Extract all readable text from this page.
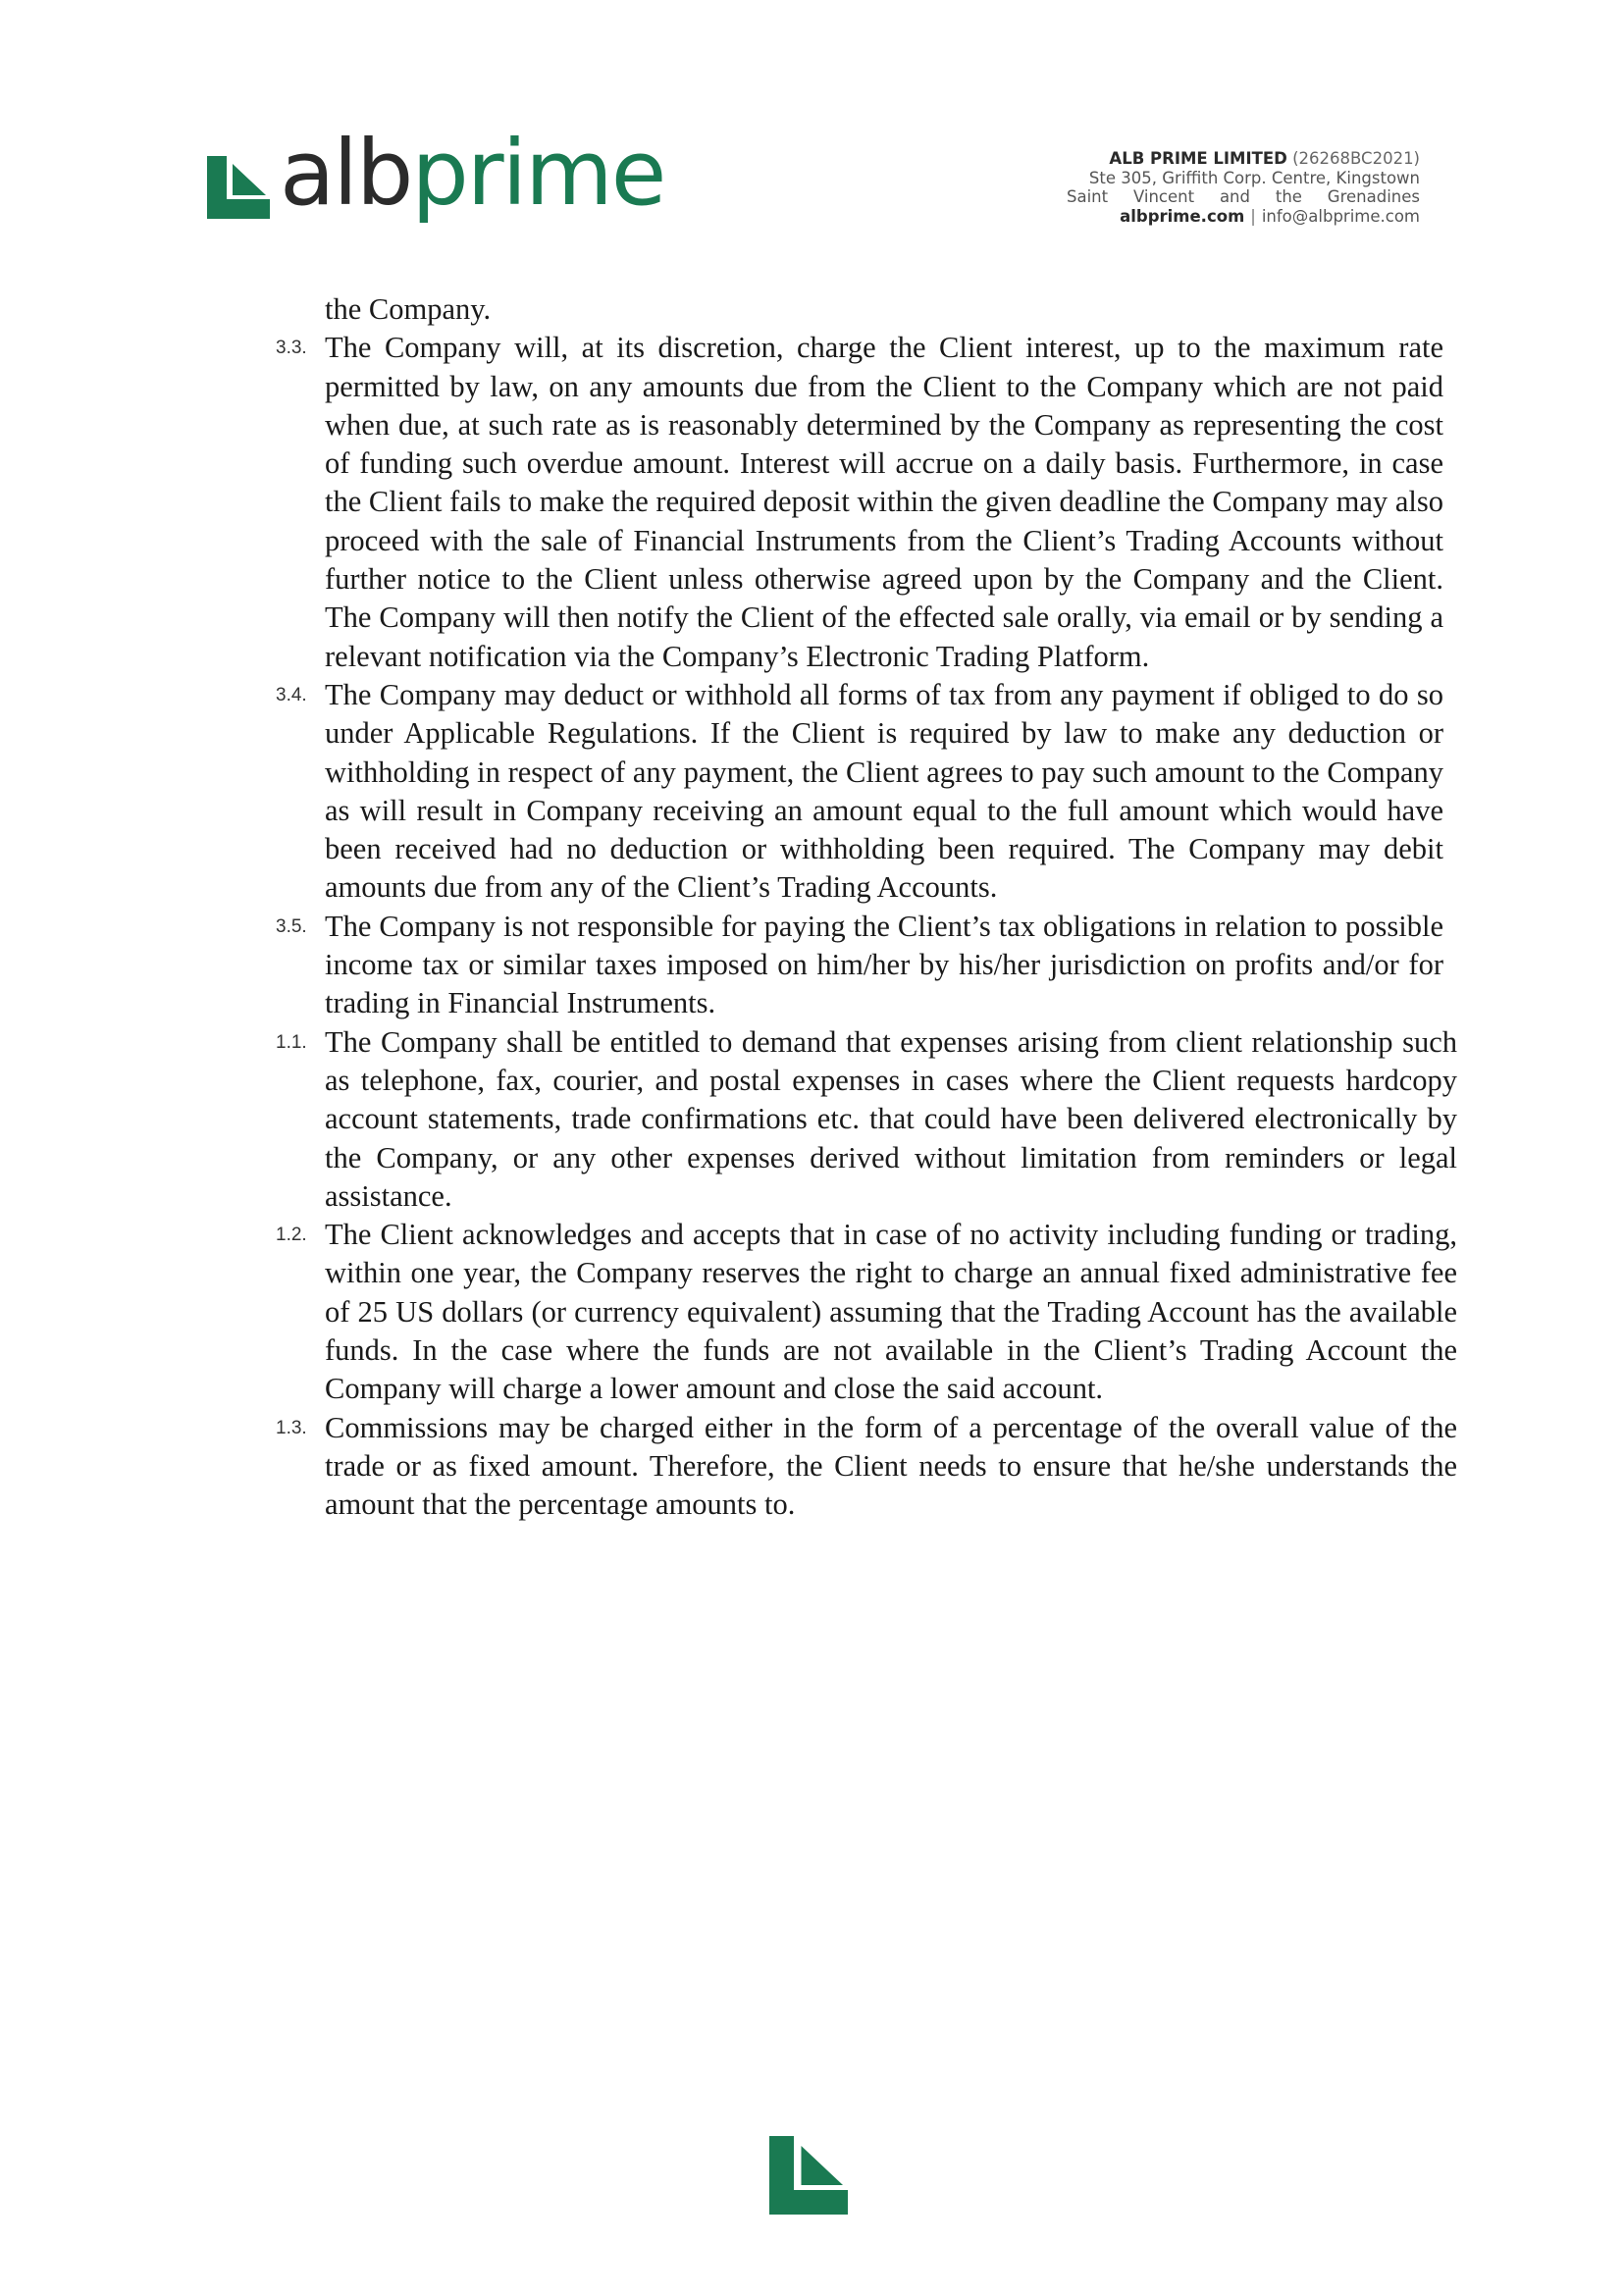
albprime	ALB PRIME LIMITED (26268BC2021)
Ste 305, Griffith Corp. Centre, Kingstown
Saint Vincent and the Grenadines
albprime.com | info@albprime.com
the Company.
3.3. The Company will, at its discretion, charge the Client interest, up to the maximum rate permitted by law, on any amounts due from the Client to the Company which are not paid when due, at such rate as is reasonably determined by the Company as representing the cost of funding such overdue amount. Interest will accrue on a daily basis. Furthermore, in case the Client fails to make the required deposit within the given deadline the Company may also proceed with the sale of Financial Instruments from the Client’s Trading Accounts without further notice to the Client unless otherwise agreed upon by the Company and the Client. The Company will then notify the Client of the effected sale orally, via email or by sending a relevant notification via the Company’s Electronic Trading Platform.
3.4. The Company may deduct or withhold all forms of tax from any payment if obliged to do so under Applicable Regulations. If the Client is required by law to make any deduction or withholding in respect of any payment, the Client agrees to pay such amount to the Company as will result in Company receiving an amount equal to the full amount which would have been received had no deduction or withholding been required. The Company may debit amounts due from any of the Client’s Trading Accounts.
3.5. The Company is not responsible for paying the Client’s tax obligations in relation to possible income tax or similar taxes imposed on him/her by his/her jurisdiction on profits and/or for trading in Financial Instruments.
1.1. The Company shall be entitled to demand that expenses arising from client relationship such as telephone, fax, courier, and postal expenses in cases where the Client requests hardcopy account statements, trade confirmations etc. that could have been delivered electronically by the Company, or any other expenses derived without limitation from reminders or legal assistance.
1.2. The Client acknowledges and accepts that in case of no activity including funding or trading, within one year, the Company reserves the right to charge an annual fixed administrative fee of 25 US dollars (or currency equivalent) assuming that the Trading Account has the available funds. In the case where the funds are not available in the Client’s Trading Account the Company will charge a lower amount and close the said account.
1.3. Commissions may be charged either in the form of a percentage of the overall value of the trade or as fixed amount. Therefore, the Client needs to ensure that he/she understands the amount that the percentage amounts to.
